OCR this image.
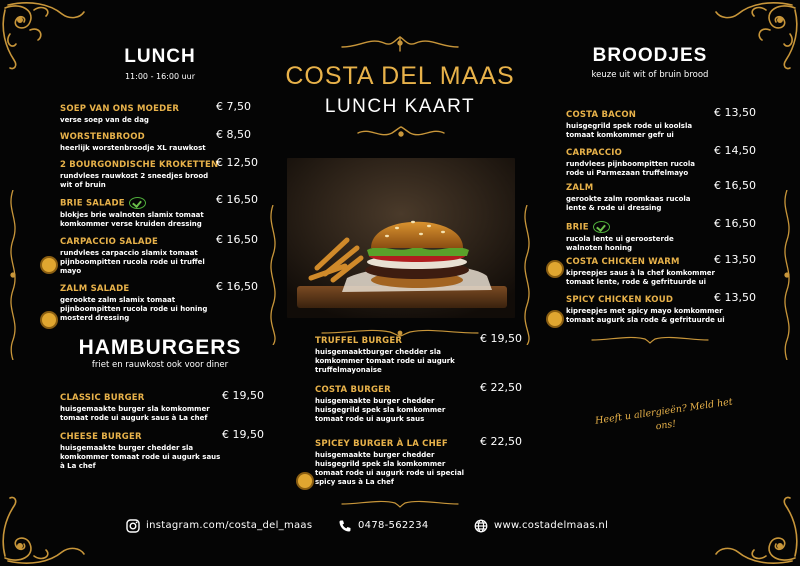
LUNCH
11:00 - 16:00 uur
SOEP VAN ONS MOEDER
verse soep van de dag
€ 7,50
WORSTENBROOD
heerlijk worstenbroodje XL rauwkost
€ 8,50
2 BOURGONDISCHE KROKETTEN
rundvlees rauwkost 2 sneedjes brood
wit of bruin
€ 12,50
BRIE SALADE
blokjes brie walnoten slamix tomaat
komkommer verse kruiden dressing
€ 16,50
CARPACCIO SALADE
rundvlees carpaccio slamix tomaat
pijnboompitten rucola rode ui truffel
mayo
€ 16,50
ZALM SALADE
gerookte zalm slamix tomaat
pijnboompitten rucola rode ui honing
mosterd dressing
€ 16,50
HAMBURGERS
friet en rauwkost ook voor diner
CLASSIC BURGER
huisgemaakte burger sla komkommer
tomaat rode ui augurk saus à La chef
€ 19,50
CHEESE BURGER
huisgemaakte burger chedder sla
komkommer tomaat rode ui augurk saus
à La chef
€ 19,50
COSTA DEL MAAS
LUNCH KAART
TRUFFEL BURGER
huisgemaaktburger chedder sla
komkommer tomaat rode ui augurk
truffelmayonaise
€ 19,50
COSTA BURGER
huisgemaakte burger chedder
huisgegrild spek sla komkommer
tomaat rode ui augurk saus
€ 22,50
SPICEY BURGER À LA CHEF
huisgemaakte burger chedder
huisgegrild spek sla komkommer
tomaat rode ui augurk rode ui special
spicy saus à La chef
€ 22,50
BROODJES
keuze uit wit of bruin brood
COSTA BACON
huisgegrild spek rode ui koolsla
tomaat komkommer gefr ui
€ 13,50
CARPACCIO
rundvlees pijnboompitten rucola
rode ui Parmezaan truffelmayo
€ 14,50
ZALM
gerookte zalm roomkaas rucola
lente & rode ui dressing
€ 16,50
BRIE
rucola lente ui geroosterde
walnoten honing
€ 16,50
COSTA CHICKEN WARM
kipreepjes saus à la chef komkommer
tomaat lente, rode & gefrituurde ui
€ 13,50
SPICY CHICKEN KOUD
kipreepjes met spicy mayo komkommer
tomaat augurk sla rode & gefrituurde ui
€ 13,50
Heeft u allergieën? Meld het ons!
instagram.com/costa_del_maas	0478-562234	www.costadelmaas.nl
